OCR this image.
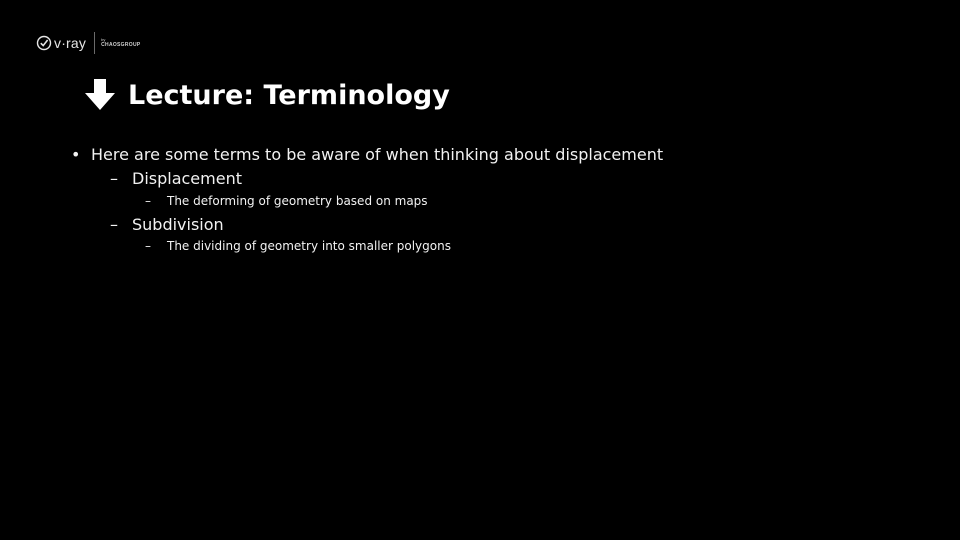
v·ray	by
CHAOSGROUP
Lecture: Terminology
• Here are some terms to be aware of when thinking about displacement
– Displacement
– The deforming of geometry based on maps
– Subdivision
– The dividing of geometry into smaller polygons
